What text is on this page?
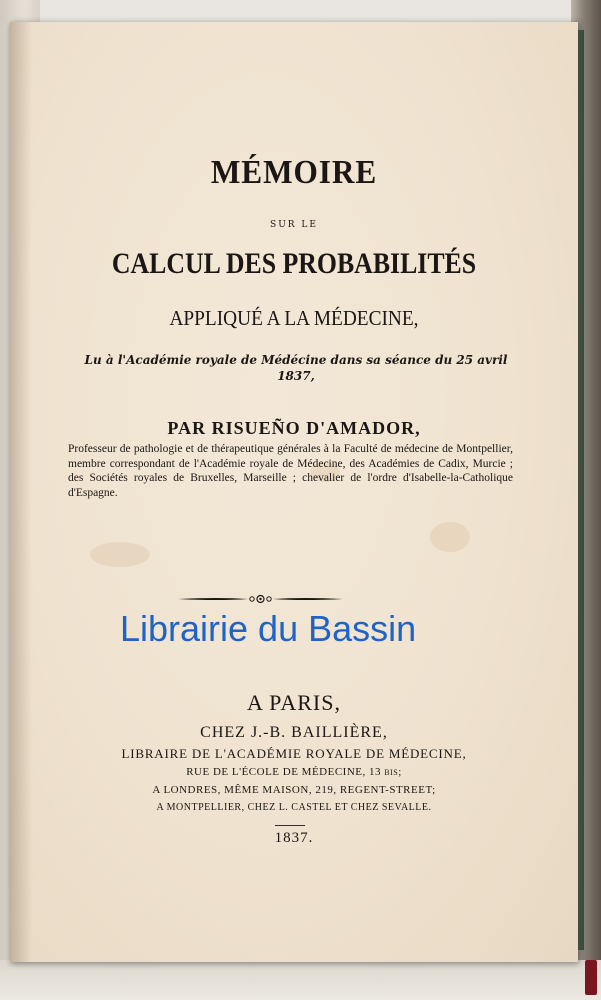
MÉMOIRE

SUR LE

CALCUL DES PROBABILITÉS

APPLIQUÉ A LA MÉDECINE,

Lu à l'Académie royale de Médécine dans sa séance du 25 avril 1837,

PAR RISUEÑO D'AMADOR,

Professeur de pathologie et de thérapeutique générales à la Faculté de médecine de Montpellier, membre correspondant de l'Académie royale de Médecine, des Académies de Cadix, Murcie ; des Sociétés royales de Bruxelles, Marseille ; chevalier de l'ordre d'Isabelle-la-Catholique d'Espagne.

A PARIS,

CHEZ J.-B. BAILLIÈRE,

LIBRAIRE DE L'ACADÉMIE ROYALE DE MÉDECINE,

RUE DE L'ÉCOLE DE MÉDECINE, 13 bis;

A LONDRES, MÊME MAISON, 219, REGENT-STREET;

A MONTPELLIER, CHEZ L. CASTEL ET CHEZ SEVALLE.

1837.

Librairie du Bassin
